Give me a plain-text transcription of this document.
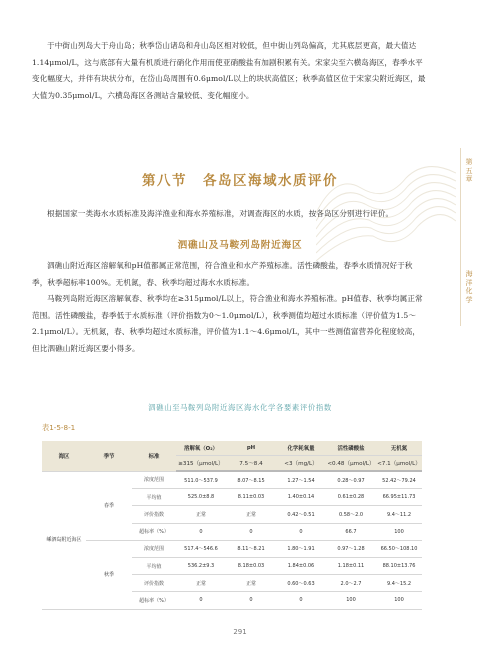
于中街山列岛大于舟山岛；秋季岱山诸岛和舟山岛区相对较低，但中街山列岛偏高，尤其底层更高，最大值达1.14μmol/L，这与底部有大量有机质进行硝化作用而使亚硝酸盐有加剧积累有关。宋家尖至六横岛海区，春季水平变化幅度大，并伴有块状分布，在岱山岛周围有0.6μmol/L以上的块状高值区；秋季高值区位于宋家尖附近海区，最大值为0.35μmol/L，六横岛海区各测站含量较低、变化幅度小。

第八节 各岛区海域水质评价

根据国家一类海水水质标准及海洋渔业和海水养殖标准，对调查海区的水质，按各岛区分别进行评价。

泗礁山及马鞍列岛附近海区

泗礁山附近海区溶解氧和pH值都属正常范围，符合渔业和水产养殖标准。活性磷酸盐，春季水质情况好于秋季，秋季超标率100%。无机氮，春、秋季均超过海水水质标准。

马鞍列岛附近海区溶解氧春、秋季均在≥315μmol/L以上，符合渔业和海水养殖标准。pH值春、秋季均属正常范围。活性磷酸盐，春季低于水质标准（评价指数为0～1.0μmol/L），秋季测值均超过水质标准（评价值为1.5～2.1μmol/L）。无机氮，春、秋季均超过水质标准，评价值为1.1～4.6μmol/L，其中一些测值富营养化程度较高，但比泗礁山附近海区要小得多。

第五章
海洋化学
泗礁山至马鞍列岛附近海区海水化学各要素评价指数
表1-5-8-1
海区	季节	标准	溶解氧（O₂）	pH	化学耗氧量	活性磷酸盐	无机氮
			≥315（μmol/L）	7.5～8.4	<3（mg/L）	<0.48（μmol/L）	<7.1（μmol/L）
嵊泗岛附近海区	春季	浓度范围	511.0～537.9	8.07～8.15	1.27～1.54	0.28～0.97	52.42～79.24
		平均值	525.0±8.8	8.11±0.03	1.40±0.14	0.61±0.28	66.95±11.73
		评价指数	正常	正常	0.42～0.51	0.58～2.0	9.4～11.2
		超标率（%）	0	0	0	66.7	100
	秋季	浓度范围	517.4～546.6	8.11～8.21	1.80～1.91	0.97～1.28	66.50～108.10
		平均值	536.2±9.3	8.18±0.03	1.84±0.06	1.18±0.11	88.10±13.76
		评价指数	正常	正常	0.60～0.63	2.0～2.7	9.4～15.2
		超标率（%）	0	0	0	100	100
291
